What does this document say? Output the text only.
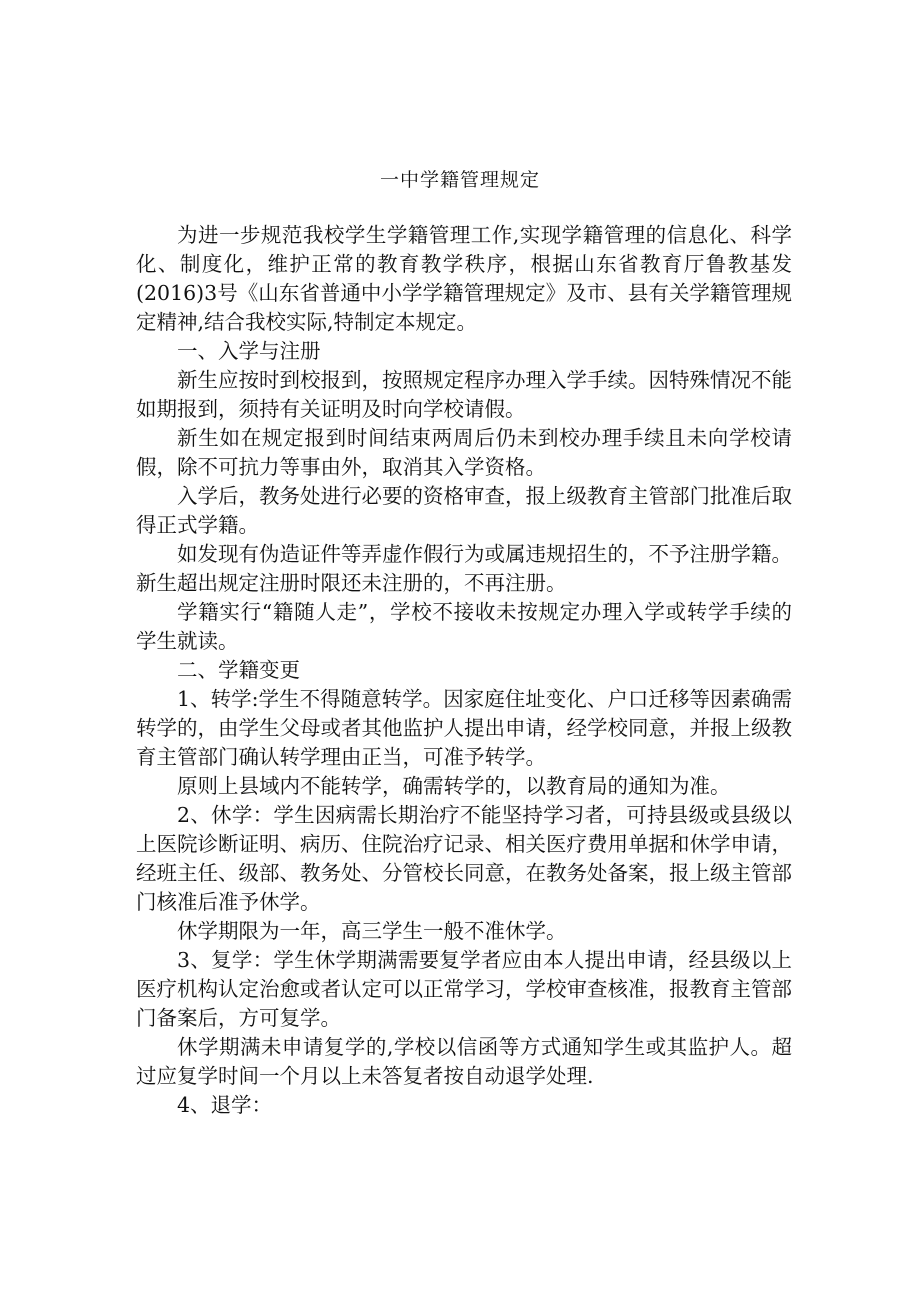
一中学籍管理规定

为进一步规范我校学生学籍管理工作,实现学籍管理的信息化、科学化、制度化，维护正常的教育教学秩序，根据山东省教育厅鲁教基发(2016)3号《山东省普通中小学学籍管理规定》及市、县有关学籍管理规定精神,结合我校实际,特制定本规定。

一、入学与注册

新生应按时到校报到，按照规定程序办理入学手续。因特殊情况不能如期报到，须持有关证明及时向学校请假。

新生如在规定报到时间结束两周后仍未到校办理手续且未向学校请假，除不可抗力等事由外，取消其入学资格。

入学后，教务处进行必要的资格审查，报上级教育主管部门批准后取得正式学籍。

如发现有伪造证件等弄虚作假行为或属违规招生的，不予注册学籍。新生超出规定注册时限还未注册的，不再注册。

学籍实行“籍随人走”，学校不接收未按规定办理入学或转学手续的学生就读。

二、学籍变更

1、转学:学生不得随意转学。因家庭住址变化、户口迁移等因素确需转学的，由学生父母或者其他监护人提出申请，经学校同意，并报上级教育主管部门确认转学理由正当，可准予转学。

原则上县域内不能转学，确需转学的，以教育局的通知为准。

2、休学：学生因病需长期治疗不能坚持学习者，可持县级或县级以上医院诊断证明、病历、住院治疗记录、相关医疗费用单据和休学申请，经班主任、级部、教务处、分管校长同意，在教务处备案，报上级主管部门核准后准予休学。

休学期限为一年，高三学生一般不准休学。

3、复学：学生休学期满需要复学者应由本人提出申请，经县级以上医疗机构认定治愈或者认定可以正常学习，学校审查核准，报教育主管部门备案后，方可复学。

休学期满未申请复学的,学校以信函等方式通知学生或其监护人。超过应复学时间一个月以上未答复者按自动退学处理.

4、退学：
